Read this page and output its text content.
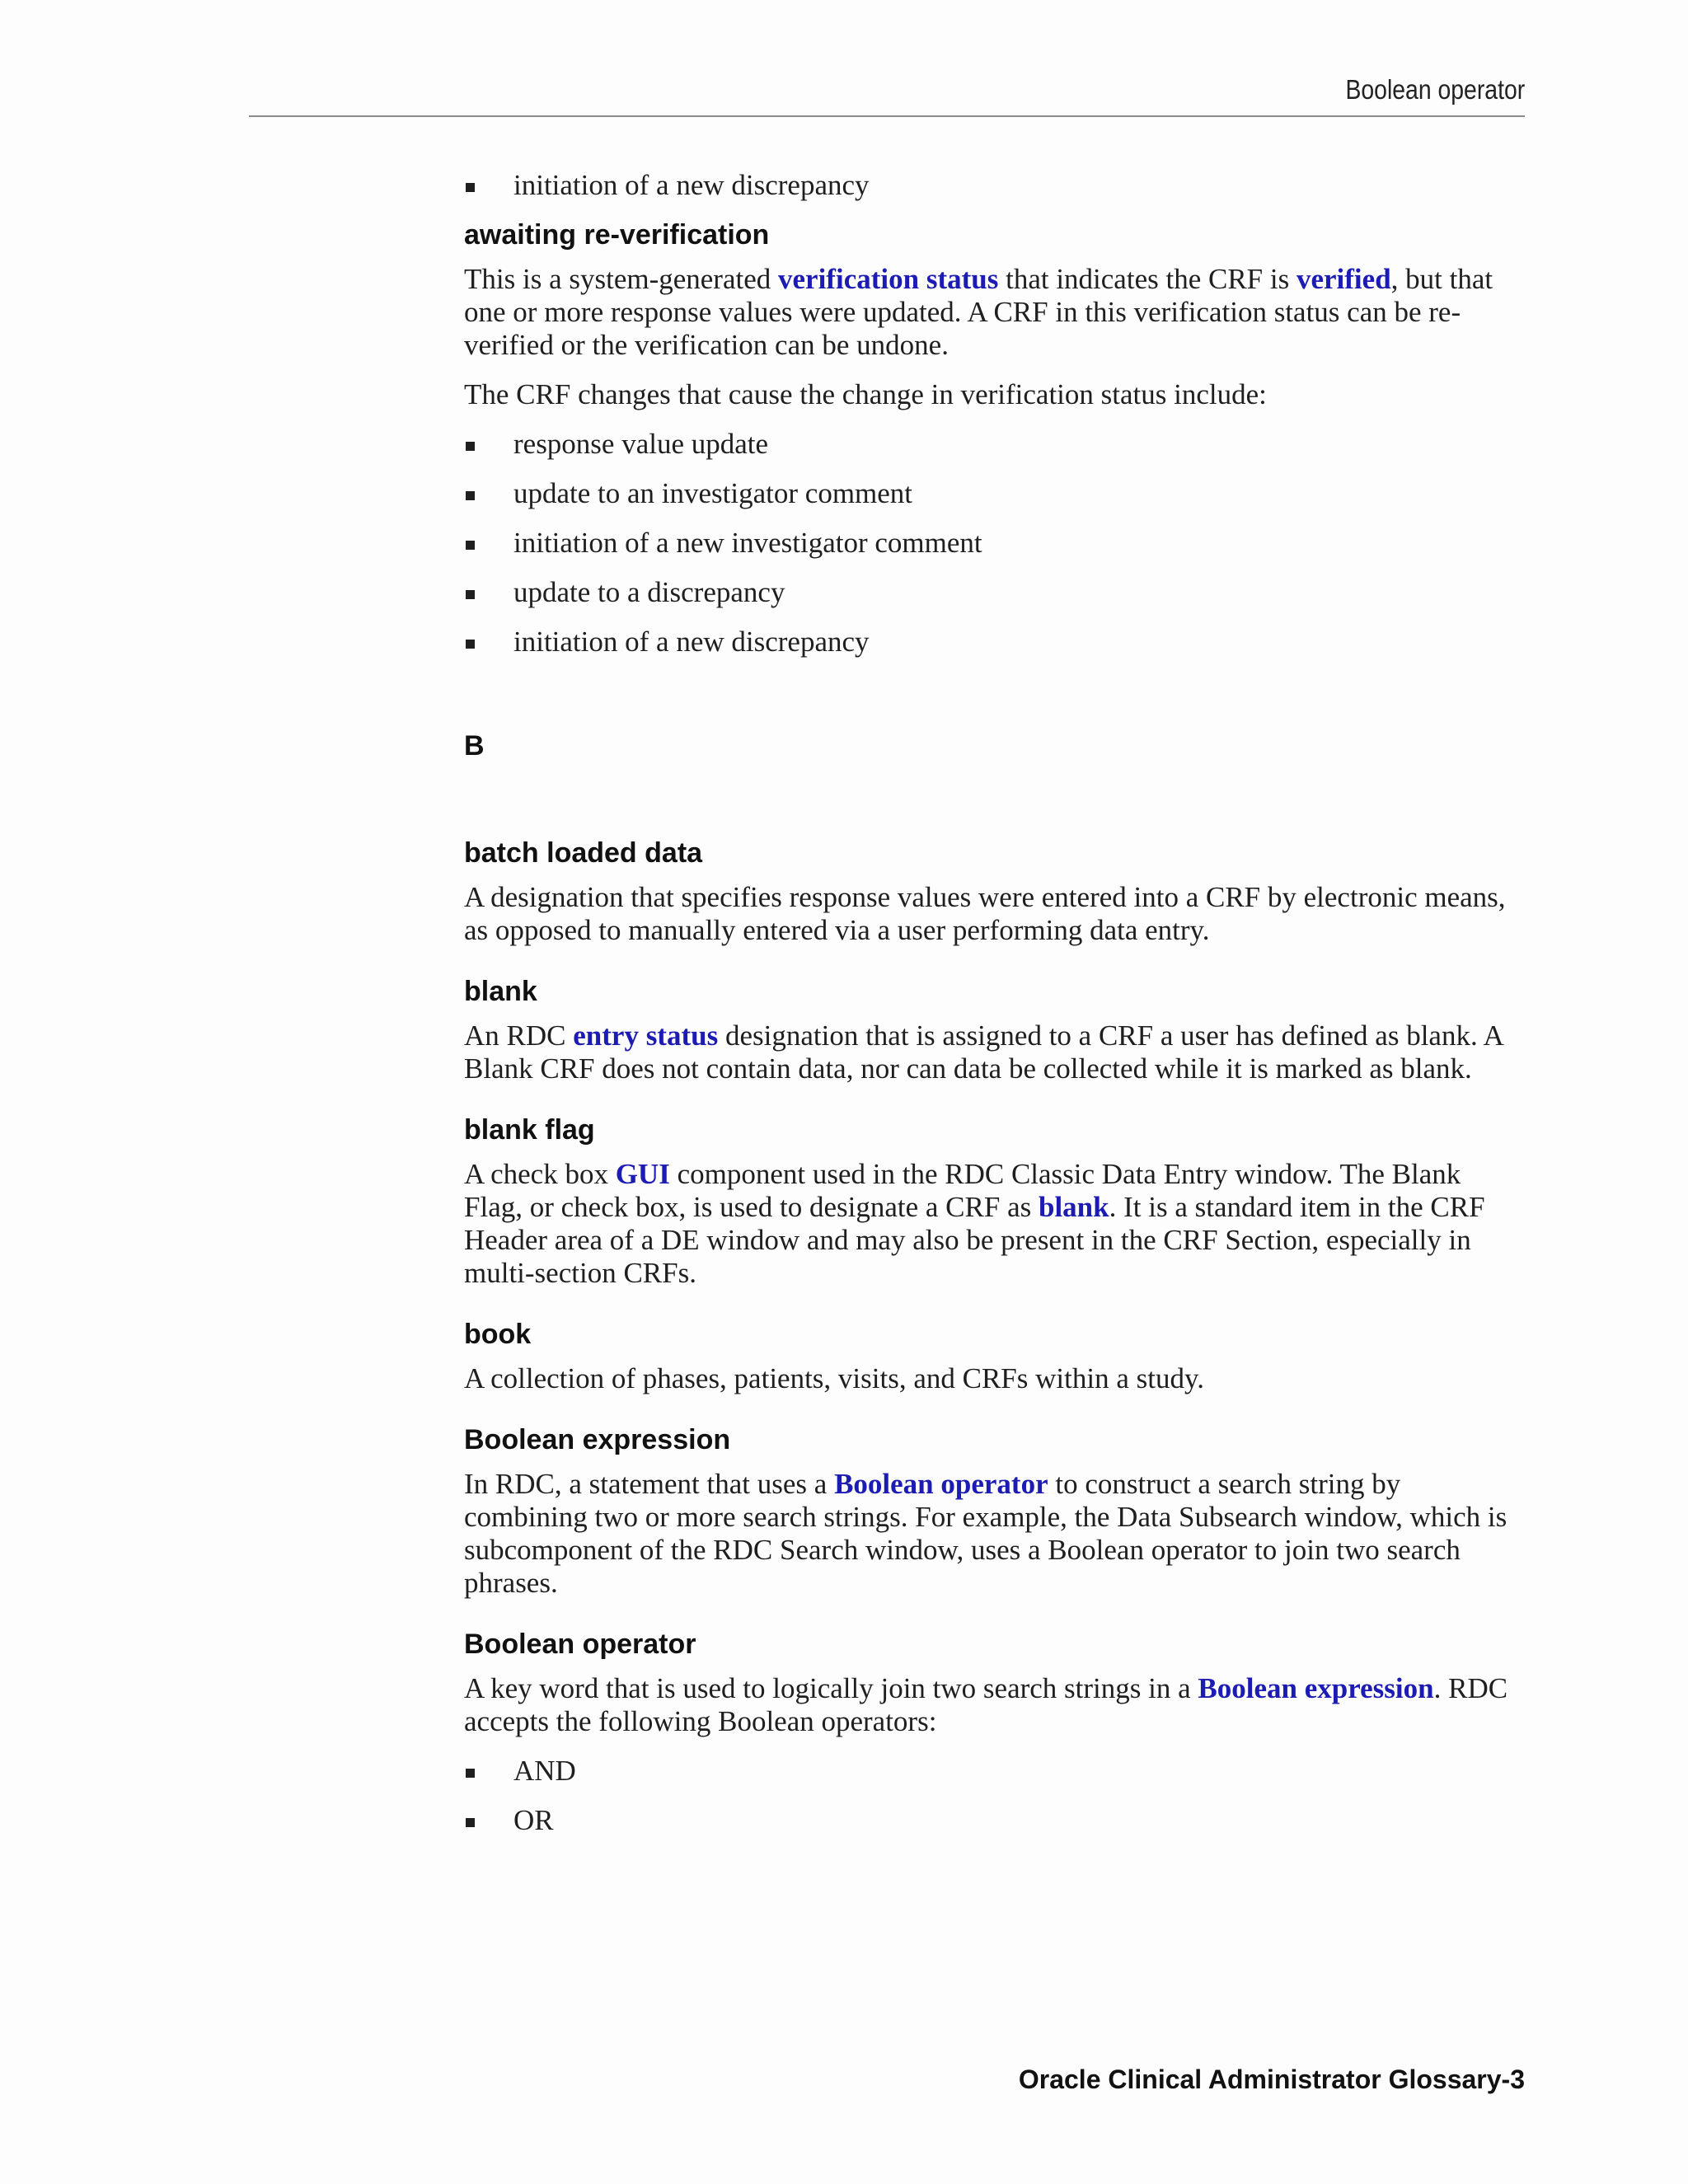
Boolean operator
initiation of a new discrepancy
awaiting re-verification

This is a system-generated verification status that indicates the CRF is verified, but that one or more response values were updated. A CRF in this verification status can be re-verified or the verification can be undone.

The CRF changes that cause the change in verification status include:

response value update
update to an investigator comment
initiation of a new investigator comment
update to a discrepancy
initiation of a new discrepancy
B
batch loaded data

A designation that specifies response values were entered into a CRF by electronic means, as opposed to manually entered via a user performing data entry.

blank

An RDC entry status designation that is assigned to a CRF a user has defined as blank. A Blank CRF does not contain data, nor can data be collected while it is marked as blank.

blank flag

A check box GUI component used in the RDC Classic Data Entry window. The Blank Flag, or check box, is used to designate a CRF as blank. It is a standard item in the CRF Header area of a DE window and may also be present in the CRF Section, especially in multi-section CRFs.

book

A collection of phases, patients, visits, and CRFs within a study.

Boolean expression

In RDC, a statement that uses a Boolean operator to construct a search string by combining two or more search strings. For example, the Data Subsearch window, which is subcomponent of the RDC Search window, uses a Boolean operator to join two search phrases.

Boolean operator

A key word that is used to logically join two search strings in a Boolean expression. RDC accepts the following Boolean operators:

AND
OR
Oracle Clinical Administrator Glossary-3
